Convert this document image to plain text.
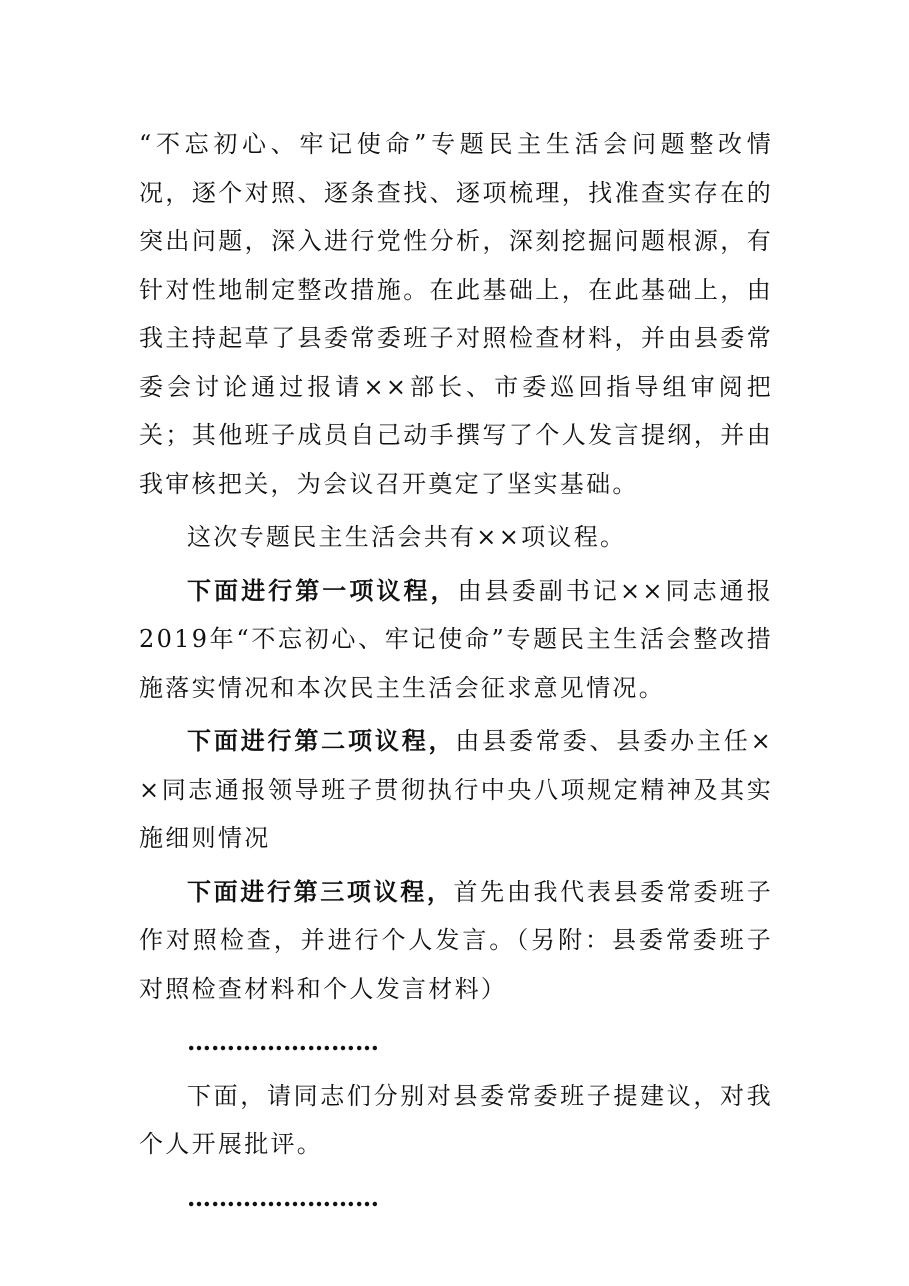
“不忘初心、牢记使命”专题民主生活会问题整改情况，逐个对照、逐条查找、逐项梳理，找准查实存在的突出问题，深入进行党性分析，深刻挖掘问题根源，有针对性地制定整改措施。在此基础上，在此基础上，由我主持起草了县委常委班子对照检查材料，并由县委常委会讨论通过报请××部长、市委巡回指导组审阅把关；其他班子成员自己动手撰写了个人发言提纲，并由我审核把关，为会议召开奠定了坚实基础。

这次专题民主生活会共有××项议程。

下面进行第一项议程，由县委副书记××同志通报2019年“不忘初心、牢记使命”专题民主生活会整改措施落实情况和本次民主生活会征求意见情况。

下面进行第二项议程，由县委常委、县委办主任××同志通报领导班子贯彻执行中央八项规定精神及其实施细则情况

下面进行第三项议程，首先由我代表县委常委班子作对照检查，并进行个人发言。（另附：县委常委班子对照检查材料和个人发言材料）

……………………

下面，请同志们分别对县委常委班子提建议，对我个人开展批评。

……………………
